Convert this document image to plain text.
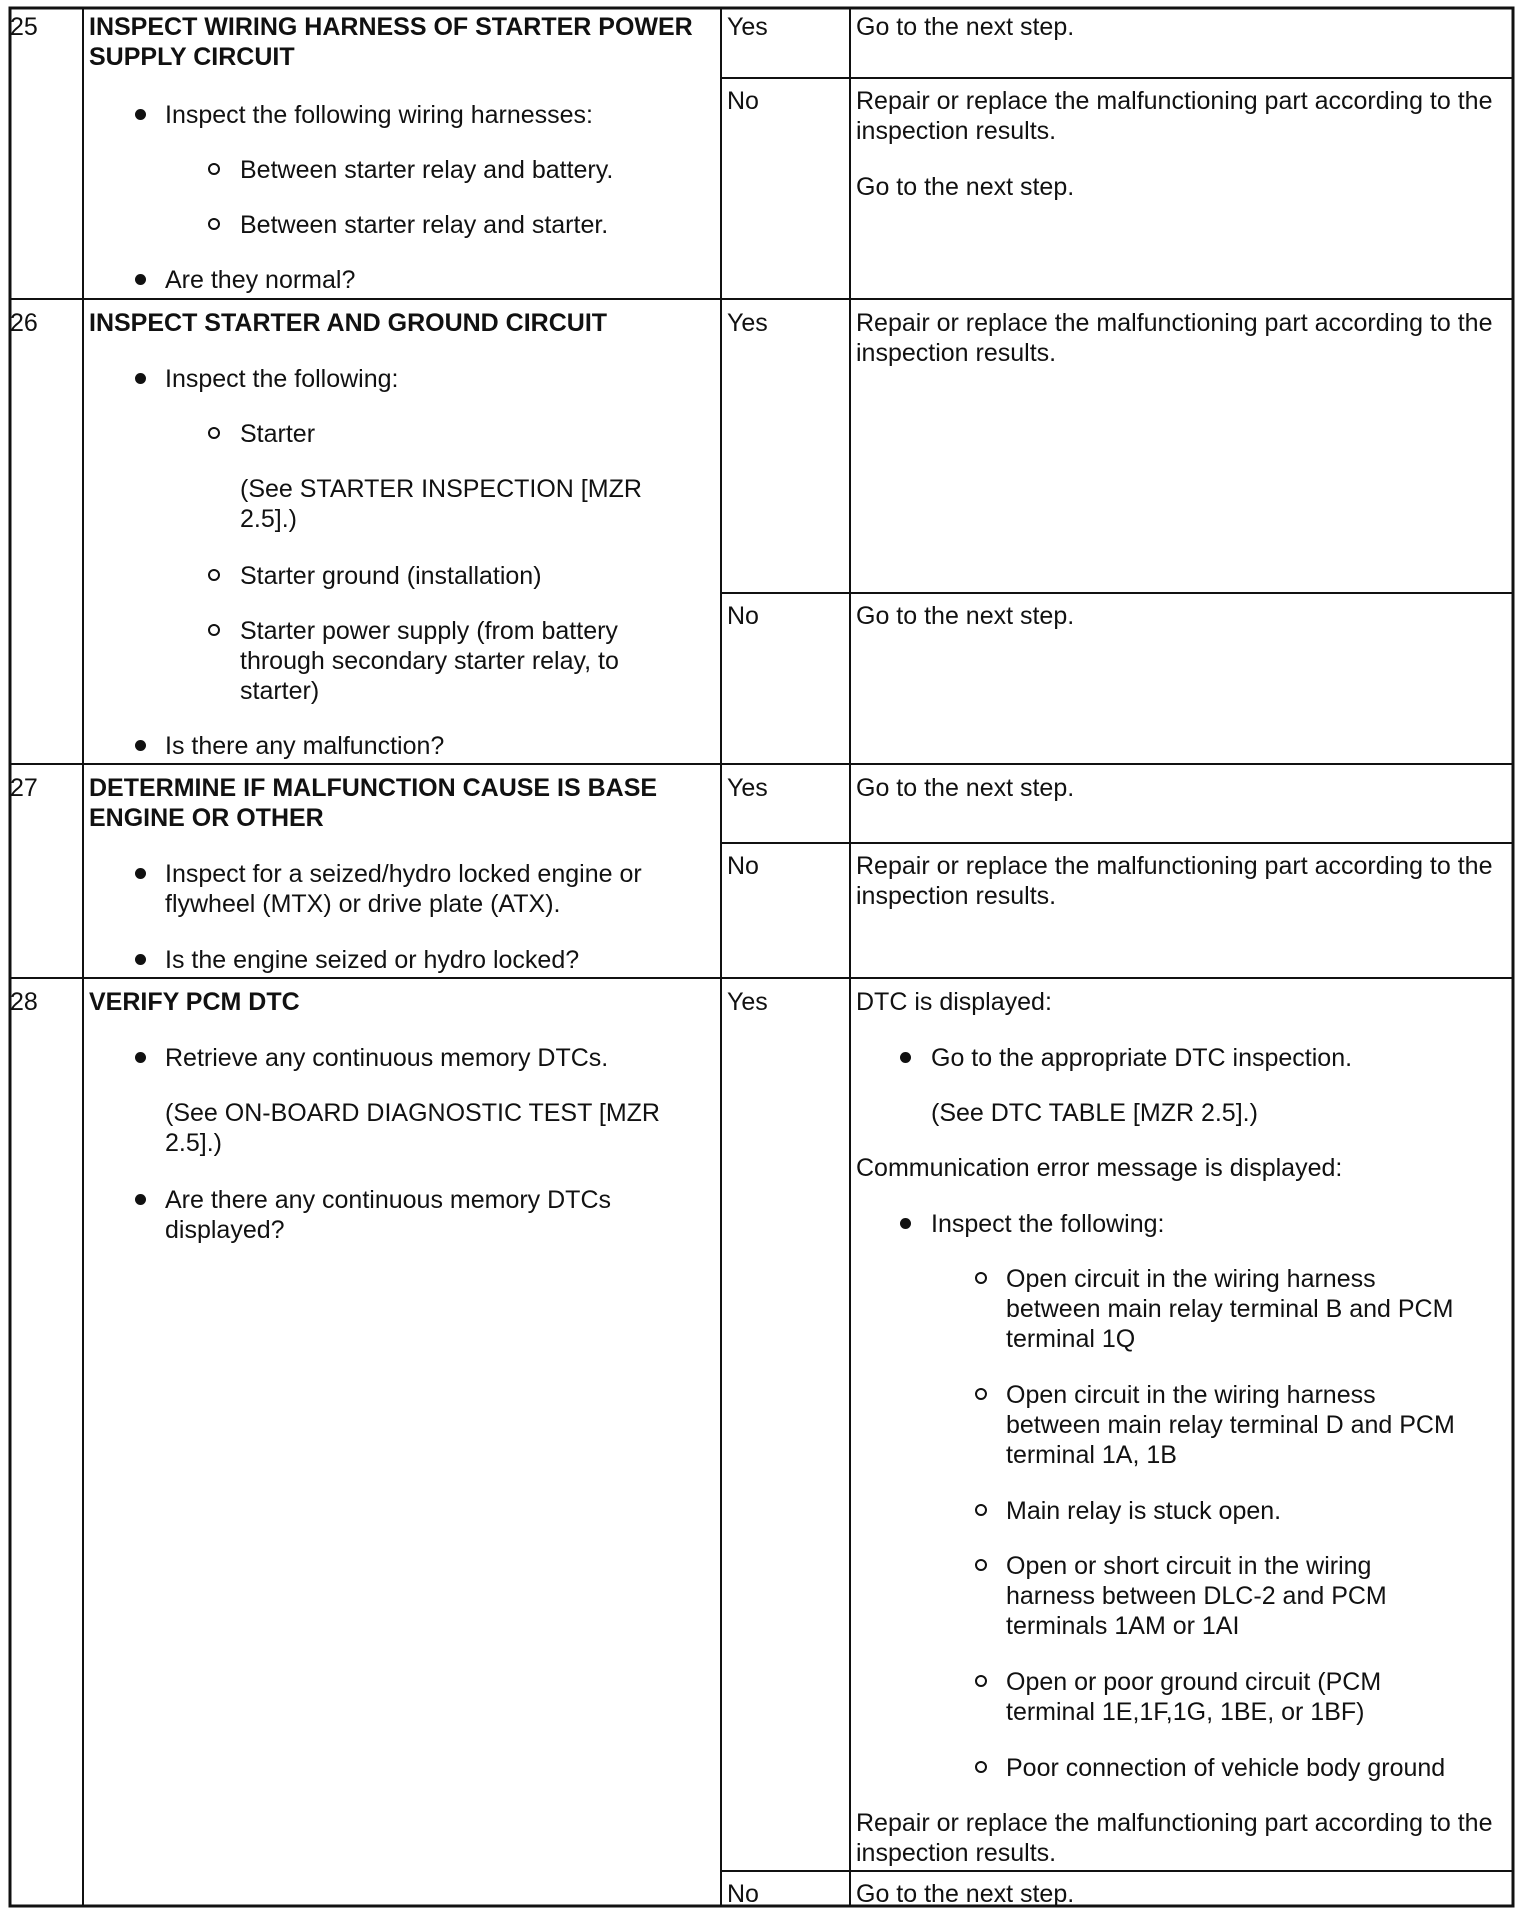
25 INSPECT WIRING HARNESS OF STARTER POWER
SUPPLY CIRCUIT
Inspect the following wiring harnesses:
Between starter relay and battery.
Between starter relay and starter.
Are they normal?
Yes	Go to the next step.
No	Repair or replace the malfunctioning part according to the
inspection results.
Go to the next step.
26 INSPECT STARTER AND GROUND CIRCUIT
Inspect the following:
Starter
(See STARTER INSPECTION [MZR
2.5].)
Starter ground (installation)
Starter power supply (from battery
through secondary starter relay, to
starter)
Is there any malfunction?
Yes	Repair or replace the malfunctioning part according to the
inspection results.
No	Go to the next step.
27 DETERMINE IF MALFUNCTION CAUSE IS BASE
ENGINE OR OTHER
Inspect for a seized/hydro locked engine or
flywheel (MTX) or drive plate (ATX).
Is the engine seized or hydro locked?
Yes	Go to the next step.
No	Repair or replace the malfunctioning part according to the
inspection results.
28 VERIFY PCM DTC
Retrieve any continuous memory DTCs.
(See ON-BOARD DIAGNOSTIC TEST [MZR
2.5].)
Are there any continuous memory DTCs
displayed?
Yes	DTC is displayed:
Go to the appropriate DTC inspection.
(See DTC TABLE [MZR 2.5].)
Communication error message is displayed:
Inspect the following:
Open circuit in the wiring harness
between main relay terminal B and PCM
terminal 1Q
Open circuit in the wiring harness
between main relay terminal D and PCM
terminal 1A, 1B
Main relay is stuck open.
Open or short circuit in the wiring
harness between DLC-2 and PCM
terminals 1AM or 1AI
Open or poor ground circuit (PCM
terminal 1E,1F,1G, 1BE, or 1BF)
Poor connection of vehicle body ground
Repair or replace the malfunctioning part according to the
inspection results.
No	Go to the next step.
